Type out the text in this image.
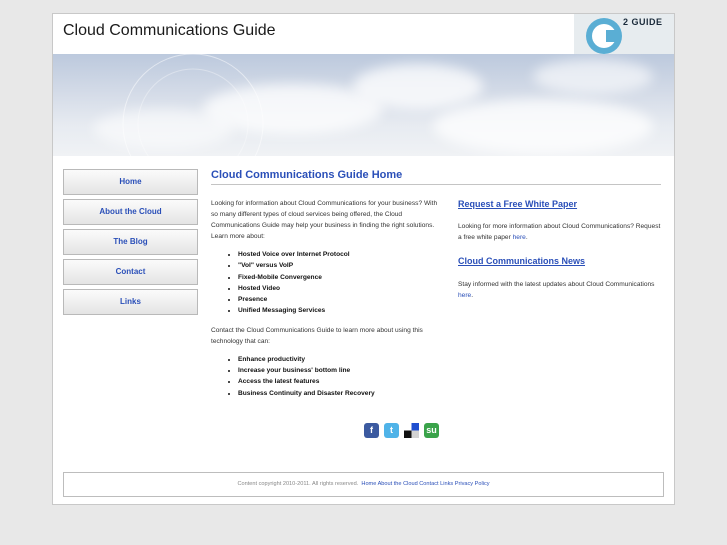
Cloud Communications Guide	2 GUIDE
Home
About the Cloud
The Blog
Contact
Links
Cloud Communications Guide Home

Looking for information about Cloud Communications for your business? With so many different types of cloud services being offered, the Cloud Communications Guide may help your business in finding the right solutions. Learn more about:

• Hosted Voice over Internet Protocol
• "VoI" versus VoIP
• Fixed-Mobile Convergence
• Hosted Video
• Presence
• Unified Messaging Services

Contact the Cloud Communications Guide to learn more about using this technology that can:

• Enhance productivity
• Increase your business' bottom line
• Access the latest features
• Business Continuity and Disaster Recovery
Request a Free White Paper

Looking for more information about Cloud Communications? Request a free white paper here.

Cloud Communications News

Stay informed with the latest updates about Cloud Communications here.

f	t	su
Content copyright 2010-2011. All rights reserved. Home About the Cloud Contact Links Privacy Policy
